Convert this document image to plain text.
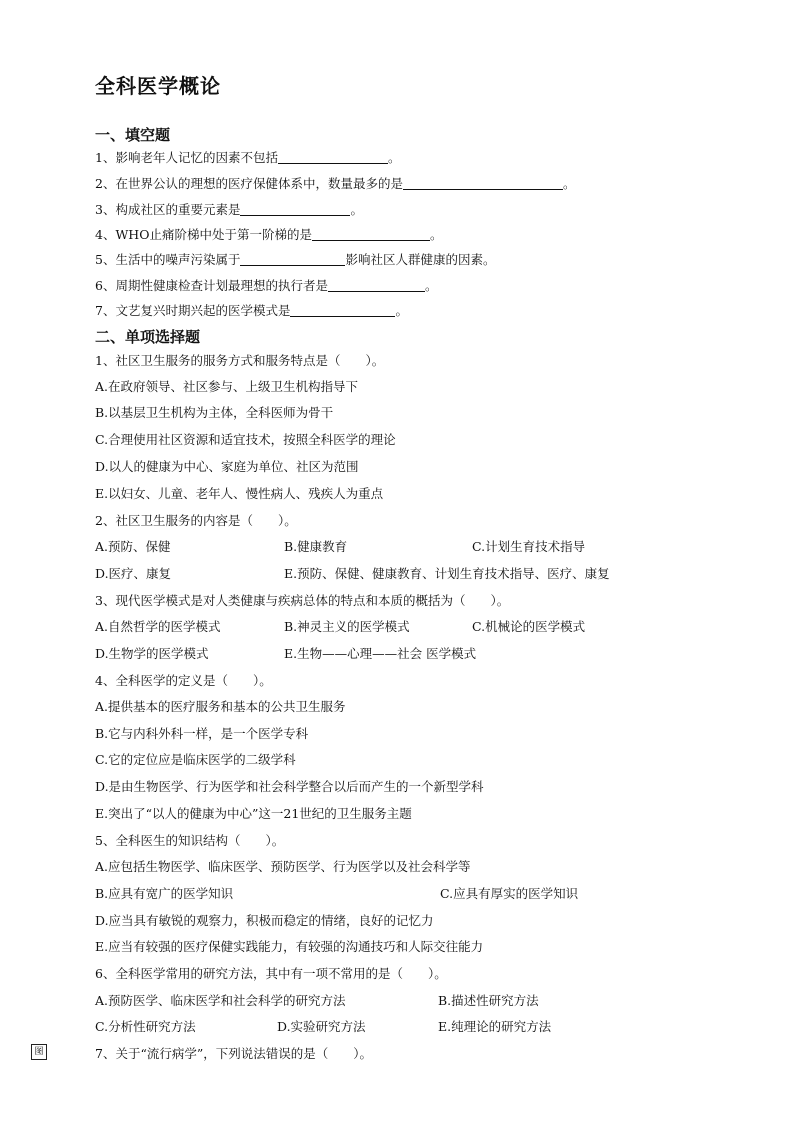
全科医学概论
一、填空题
1、影响老年人记忆的因素不包括	。
2、在世界公认的理想的医疗保健体系中，数量最多的是	。
3、构成社区的重要元素是	。
4、WHO止痛阶梯中处于第一阶梯的是	。
5、生活中的噪声污染属于	影响社区人群健康的因素。
6、周期性健康检查计划最理想的执行者是	。
7、文艺复兴时期兴起的医学模式是	。
二、单项选择题
1、社区卫生服务的服务方式和服务特点是（　　）。
A.在政府领导、社区参与、上级卫生机构指导下
B.以基层卫生机构为主体，全科医师为骨干
C.合理使用社区资源和适宜技术，按照全科医学的理论
D.以人的健康为中心、家庭为单位、社区为范围
E.以妇女、儿童、老年人、慢性病人、残疾人为重点
2、社区卫生服务的内容是（　　）。
A.预防、保健	B.健康教育	C.计划生育技术指导
D.医疗、康复	E.预防、保健、健康教育、计划生育技术指导、医疗、康复
3、现代医学模式是对人类健康与疾病总体的特点和本质的概括为（　　）。
A.自然哲学的医学模式	B.神灵主义的医学模式	C.机械论的医学模式
D.生物学的医学模式	E.生物——心理——社会 医学模式
4、全科医学的定义是（　　）。
A.提供基本的医疗服务和基本的公共卫生服务
B.它与内科外科一样，是一个医学专科
C.它的定位应是临床医学的二级学科
D.是由生物医学、行为医学和社会科学整合以后而产生的一个新型学科
E.突出了“以人的健康为中心”这一21世纪的卫生服务主题
5、全科医生的知识结构（　　）。
A.应包括生物医学、临床医学、预防医学、行为医学以及社会科学等
B.应具有宽广的医学知识	C.应具有厚实的医学知识
D.应当具有敏锐的观察力，积极而稳定的情绪，良好的记忆力
E.应当有较强的医疗保健实践能力，有较强的沟通技巧和人际交往能力
6、全科医学常用的研究方法，其中有一项不常用的是（　　）。
A.预防医学、临床医学和社会科学的研究方法	B.描述性研究方法
C.分析性研究方法	D.实验研究方法	E.纯理论的研究方法
7、关于“流行病学”，下列说法错误的是（　　）。
图
